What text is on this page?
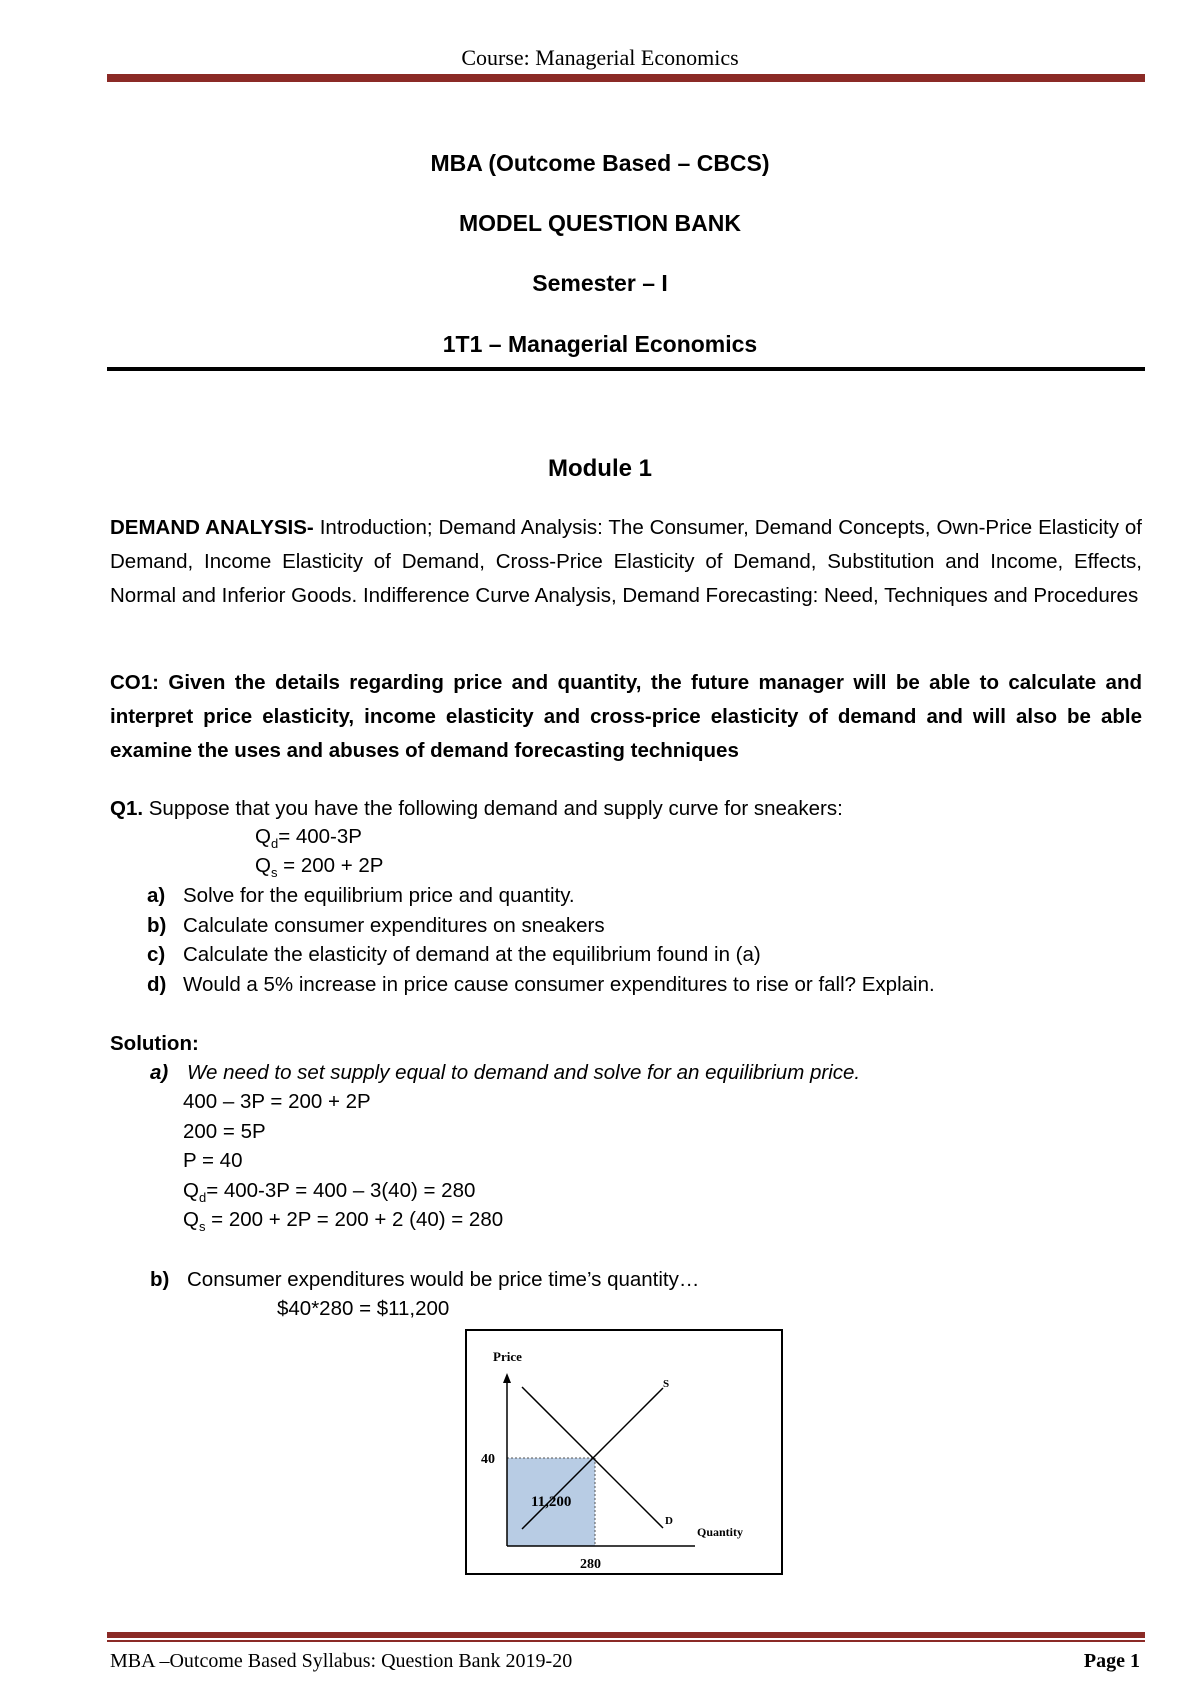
Course: Managerial Economics
MBA (Outcome Based – CBCS)
MODEL QUESTION BANK
Semester – I
1T1 – Managerial Economics
Module 1
DEMAND ANALYSIS- Introduction; Demand Analysis: The Consumer, Demand Concepts, Own-Price Elasticity of Demand, Income Elasticity of Demand, Cross-Price Elasticity of Demand, Substitution and Income, Effects, Normal and Inferior Goods. Indifference Curve Analysis, Demand Forecasting: Need, Techniques and Procedures
CO1: Given the details regarding price and quantity, the future manager will be able to calculate and interpret price elasticity, income elasticity and cross-price elasticity of demand and will also be able examine the uses and abuses of demand forecasting techniques
Q1. Suppose that you have the following demand and supply curve for sneakers:
$Q_d= 400-3P$
$Q_s = 200 + 2P$
a) Solve for the equilibrium price and quantity.
b) Calculate consumer expenditures on sneakers
c) Calculate the elasticity of demand at the equilibrium found in (a)
d) Would a 5% increase in price cause consumer expenditures to rise or fall? Explain.
Solution:
a) We need to set supply equal to demand and solve for an equilibrium price.
400 – 3P = 200 + 2P
200 = 5P
P = 40
$Q_d= 400-3P = 400 - 3(40) = 280$
$Q_s = 200 + 2P = 200 + 2$ (40) = 280
b) Consumer expenditures would be price time’s quantity…
$40*280 = $11,200
Price
Quantity
S
D
40
280
11,200
MBA –Outcome Based Syllabus: Question Bank 2019-20	Page 1
